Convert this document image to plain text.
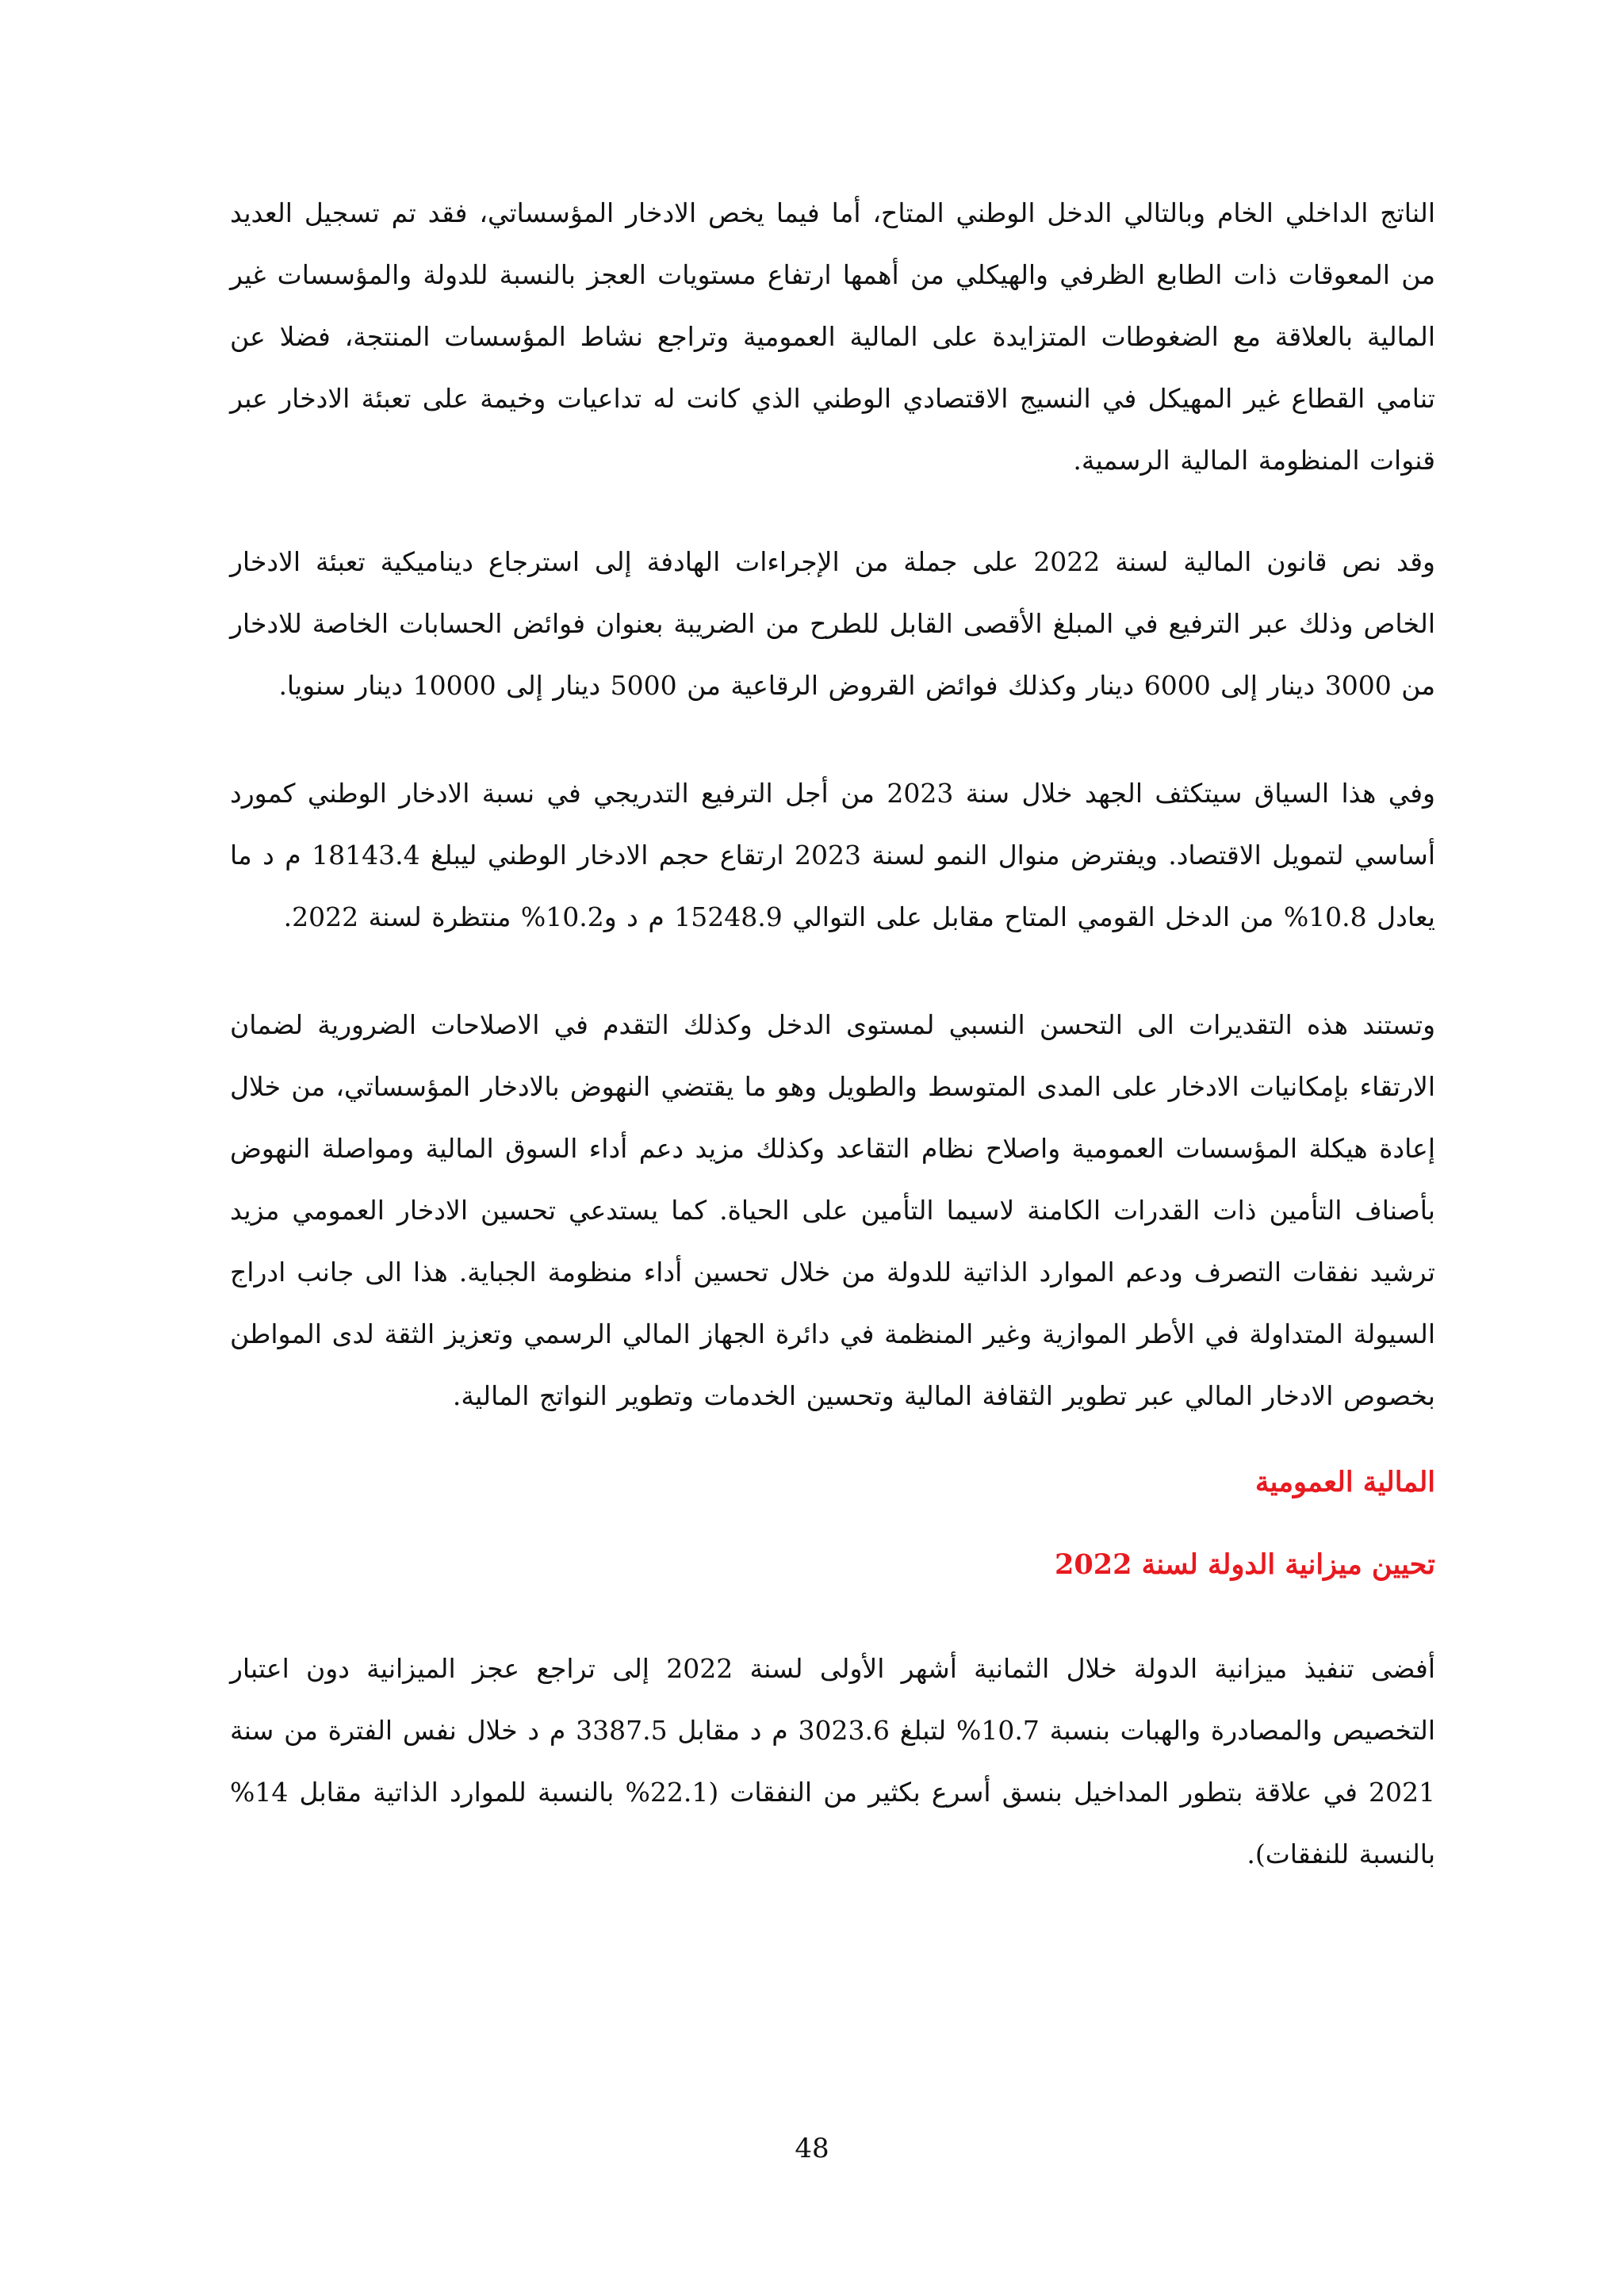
الناتج الداخلي الخام وبالتالي الدخل الوطني المتاح، أما فيما يخص الادخار المؤسساتي، فقد تم تسجيل العديد من المعوقات ذات الطابع الظرفي والهيكلي من أهمها ارتفاع مستويات العجز بالنسبة للدولة والمؤسسات غير المالية بالعلاقة مع الضغوطات المتزايدة على المالية العمومية وتراجع نشاط المؤسسات المنتجة، فضلا عن تنامي القطاع غير المهيكل في النسيج الاقتصادي الوطني الذي كانت له تداعيات وخيمة على تعبئة الادخار عبر قنوات المنظومة المالية الرسمية.

وقد نص قانون المالية لسنة 2022 على جملة من الإجراءات الهادفة إلى استرجاع ديناميكية تعبئة الادخار الخاص وذلك عبر الترفيع في المبلغ الأقصى القابل للطرح من الضريبة بعنوان فوائض الحسابات الخاصة للادخار من 3000 دينار إلى 6000 دينار وكذلك فوائض القروض الرقاعية من 5000 دينار إلى 10000 دينار سنويا.

وفي هذا السياق سيتكثف الجهد خلال سنة 2023 من أجل الترفيع التدريجي في نسبة الادخار الوطني كمورد أساسي لتمويل الاقتصاد. ويفترض منوال النمو لسنة 2023 ارتقاع حجم الادخار الوطني ليبلغ 18143.4 م د ما يعادل 10.8% من الدخل القومي المتاح مقابل على التوالي 15248.9 م د و10.2% منتظرة لسنة 2022.

وتستند هذه التقديرات الى التحسن النسبي لمستوى الدخل وكذلك التقدم في الاصلاحات الضرورية لضمان الارتقاء بإمكانيات الادخار على المدى المتوسط والطويل وهو ما يقتضي النهوض بالادخار المؤسساتي، من خلال إعادة هيكلة المؤسسات العمومية واصلاح نظام التقاعد وكذلك مزيد دعم أداء السوق المالية ومواصلة النهوض بأصناف التأمين ذات القدرات الكامنة لاسيما التأمين على الحياة. كما يستدعي تحسين الادخار العمومي مزيد ترشيد نفقات التصرف ودعم الموارد الذاتية للدولة من خلال تحسين أداء منظومة الجباية. هذا الى جانب ادراج السيولة المتداولة في الأطر الموازية وغير المنظمة في دائرة الجهاز المالي الرسمي وتعزيز الثقة لدى المواطن بخصوص الادخار المالي عبر تطوير الثقافة المالية وتحسين الخدمات وتطوير النواتج المالية.

المالية العمومية
تحيين ميزانية الدولة لسنة 2022

أفضى تنفيذ ميزانية الدولة خلال الثمانية أشهر الأولى لسنة 2022 إلى تراجع عجز الميزانية دون اعتبار التخصيص والمصادرة والهبات بنسبة 10.7% لتبلغ 3023.6 م د مقابل 3387.5 م د خلال نفس الفترة من سنة 2021 في علاقة بتطور المداخيل بنسق أسرع بكثير من النفقات (22.1% بالنسبة للموارد الذاتية مقابل 14% بالنسبة للنفقات).

48
